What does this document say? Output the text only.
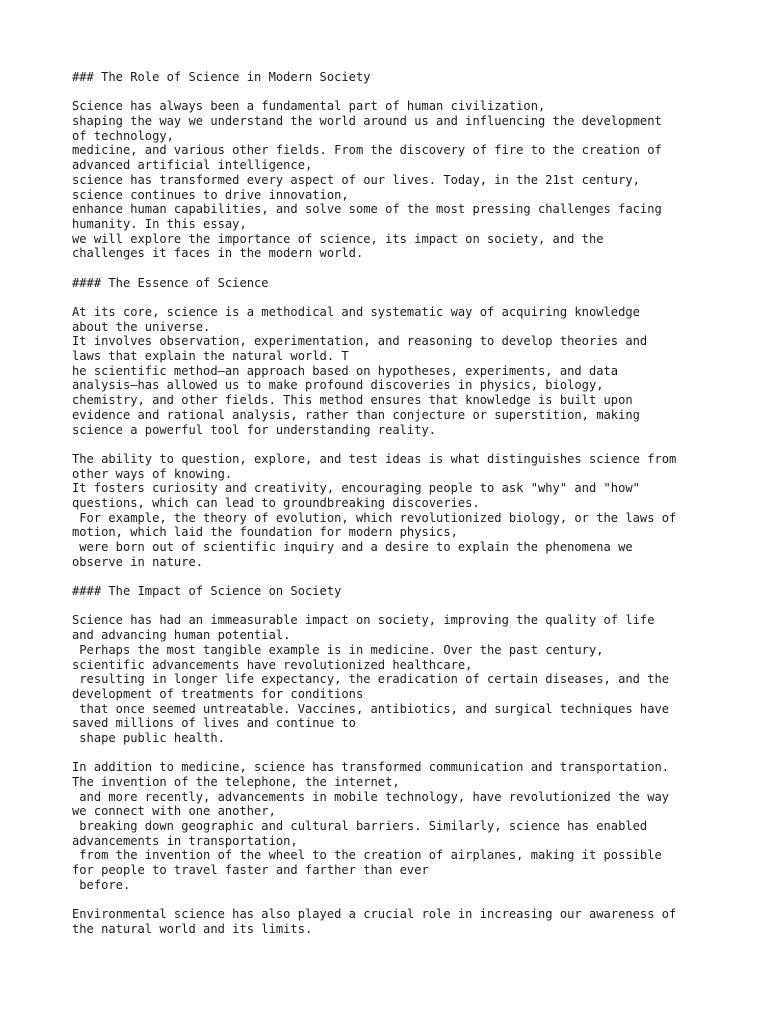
### The Role of Science in Modern Society
Science has always been a fundamental part of human civilization,
shaping the way we understand the world around us and influencing the development
of technology,
medicine, and various other fields. From the discovery of fire to the creation of
advanced artificial intelligence,
science has transformed every aspect of our lives. Today, in the 21st century,
science continues to drive innovation,
enhance human capabilities, and solve some of the most pressing challenges facing
humanity. In this essay,
we will explore the importance of science, its impact on society, and the
challenges it faces in the modern world.
#### The Essence of Science
At its core, science is a methodical and systematic way of acquiring knowledge
about the universe.
It involves observation, experimentation, and reasoning to develop theories and
laws that explain the natural world. T
he scientific method—an approach based on hypotheses, experiments, and data
analysis—has allowed us to make profound discoveries in physics, biology,
chemistry, and other fields. This method ensures that knowledge is built upon
evidence and rational analysis, rather than conjecture or superstition, making
science a powerful tool for understanding reality.
The ability to question, explore, and test ideas is what distinguishes science from
other ways of knowing.
It fosters curiosity and creativity, encouraging people to ask "why" and "how"
questions, which can lead to groundbreaking discoveries.
For example, the theory of evolution, which revolutionized biology, or the laws of
motion, which laid the foundation for modern physics,
were born out of scientific inquiry and a desire to explain the phenomena we
observe in nature.
#### The Impact of Science on Society
Science has had an immeasurable impact on society, improving the quality of life
and advancing human potential.
Perhaps the most tangible example is in medicine. Over the past century,
scientific advancements have revolutionized healthcare,
resulting in longer life expectancy, the eradication of certain diseases, and the
development of treatments for conditions
that once seemed untreatable. Vaccines, antibiotics, and surgical techniques have
saved millions of lives and continue to
shape public health.
In addition to medicine, science has transformed communication and transportation.
The invention of the telephone, the internet,
and more recently, advancements in mobile technology, have revolutionized the way
we connect with one another,
breaking down geographic and cultural barriers. Similarly, science has enabled
advancements in transportation,
from the invention of the wheel to the creation of airplanes, making it possible
for people to travel faster and farther than ever
before.
Environmental science has also played a crucial role in increasing our awareness of
the natural world and its limits.
